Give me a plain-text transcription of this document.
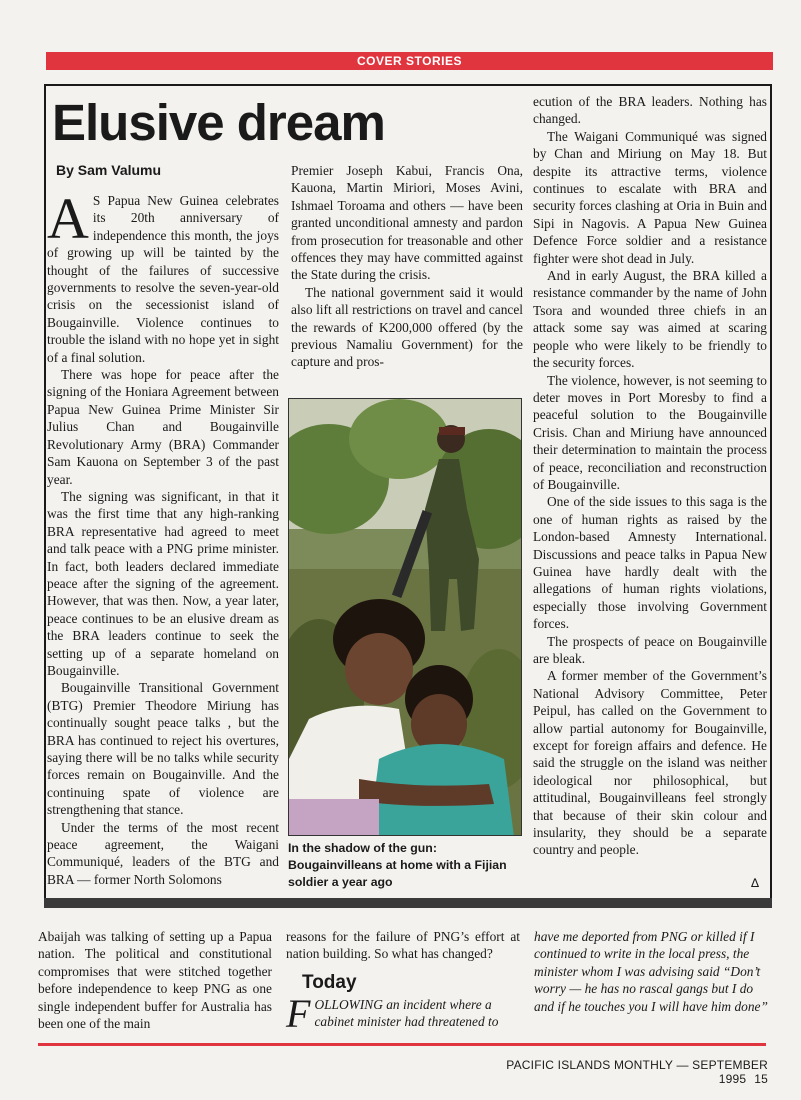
COVER STORIES
Elusive dream
By Sam Valumu

A S Papua New Guinea celebrates its 20th anniversary of independence this month, the joys of growing up will be tainted by the thought of the failures of successive governments to resolve the seven-year-old crisis on the secessionist island of Bougainville. Violence continues to trouble the island with no hope yet in sight of a final solution.

There was hope for peace after the signing of the Honiara Agreement between Papua New Guinea Prime Minister Sir Julius Chan and Bougainville Revolutionary Army (BRA) Commander Sam Kauona on September 3 of the past year.

The signing was significant, in that it was the first time that any high-ranking BRA representative had agreed to meet and talk peace with a PNG prime minister. In fact, both leaders declared immediate peace after the signing of the agreement. However, that was then. Now, a year later, peace continues to be an elusive dream as the BRA leaders continue to seek the setting up of a separate homeland on Bougainville.

Bougainville Transitional Government (BTG) Premier Theodore Miriung has continually sought peace talks , but the BRA has continued to reject his overtures, saying there will be no talks while security forces remain on Bougainville. And the continuing spate of violence are strengthening that stance.

Under the terms of the most recent peace agreement, the Waigani Communiqué, leaders of the BTG and BRA — former North Solomons

Premier Joseph Kabui, Francis Ona, Kauona, Martin Miriori, Moses Avini, Ishmael Toroama and others — have been granted unconditional amnesty and pardon from prosecution for treasonable and other offences they may have committed against the State during the crisis.

The national government said it would also lift all restrictions on travel and cancel the rewards of K200,000 offered (by the previous Namaliu Government) for the capture and pros-

In the shadow of the gun: Bougainvilleans at home with a Fijian soldier a year ago

ecution of the BRA leaders. Nothing has changed.

The Waigani Communiqué was signed by Chan and Miriung on May 18. But despite its attractive terms, violence continues to escalate with BRA and security forces clashing at Oria in Buin and Sipi in Nagovis. A Papua New Guinea Defence Force soldier and a resistance fighter were shot dead in July.

And in early August, the BRA killed a resistance commander by the name of John Tsora and wounded three chiefs in an attack some say was aimed at scaring people who were likely to be friendly to the security forces.

The violence, however, is not seeming to deter moves in Port Moresby to find a peaceful solution to the Bougainville Crisis. Chan and Miriung have announced their determination to maintain the process of peace, reconciliation and reconstruction of Bougainville.

One of the side issues to this saga is the one of human rights as raised by the London-based Amnesty International. Discussions and peace talks in Papua New Guinea have hardly dealt with the allegations of human rights violations, especially those involving Government forces.

The prospects of peace on Bougainville are bleak.

A former member of the Government’s National Advisory Committee, Peter Peipul, has called on the Government to allow partial autonomy for Bougainville, except for foreign affairs and defence. He said the struggle on the island was neither ideological nor philosophical, but attitudinal, Bougainvilleans feel strongly that because of their skin colour and insularity, they should be a separate country and people.

∆
Abaijah was talking of setting up a Papua nation. The political and constitutional compromises that were stitched together before independence to keep PNG as one single independent buffer for Australia has been one of the main
reasons for the failure of PNG’s effort at nation building. So what has changed?
Today
FOLLOWING an incident where a cabinet minister had threatened to
have me deported from PNG or killed if I continued to write in the local press, the minister whom I was advising said “Don’t worry — he has no rascal gangs but I do and if he touches you I will have him done”
PACIFIC ISLANDS MONTHLY — SEPTEMBER 1995 15
